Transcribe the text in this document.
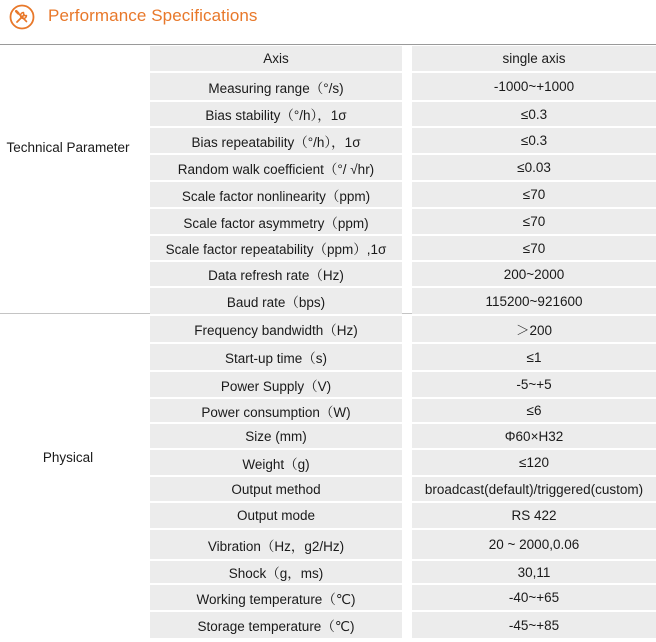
Performance Specifications
Technical Parameter
Physical
Axis	single axis
Measuring range（°/s)	-1000~+1000
Bias stability（°/h），1σ	≤0.3
Bias repeatability（°/h），1σ	≤0.3
Random walk coefficient（°/ √hr)	≤0.03
Scale factor nonlinearity（ppm)	≤70
Scale factor asymmetry（ppm)	≤70
Scale factor repeatability（ppm）,1σ	≤70
Data refresh rate（Hz)	200~2000
Baud rate（bps)	115200~921600
Frequency bandwidth（Hz)	＞200
Start-up time（s)	≤1
Power Supply（V)	-5~+5
Power consumption（W)	≤6
Size (mm)	Φ60×H32
Weight（g)	≤120
Output method	broadcast(default)/triggered(custom)
Output mode	RS 422
Vibration（Hz，g2/Hz)	20 ~ 2000,0.06
Shock（g，ms)	30,11
Working temperature（℃)	-40~+65
Storage temperature（℃)	-45~+85
